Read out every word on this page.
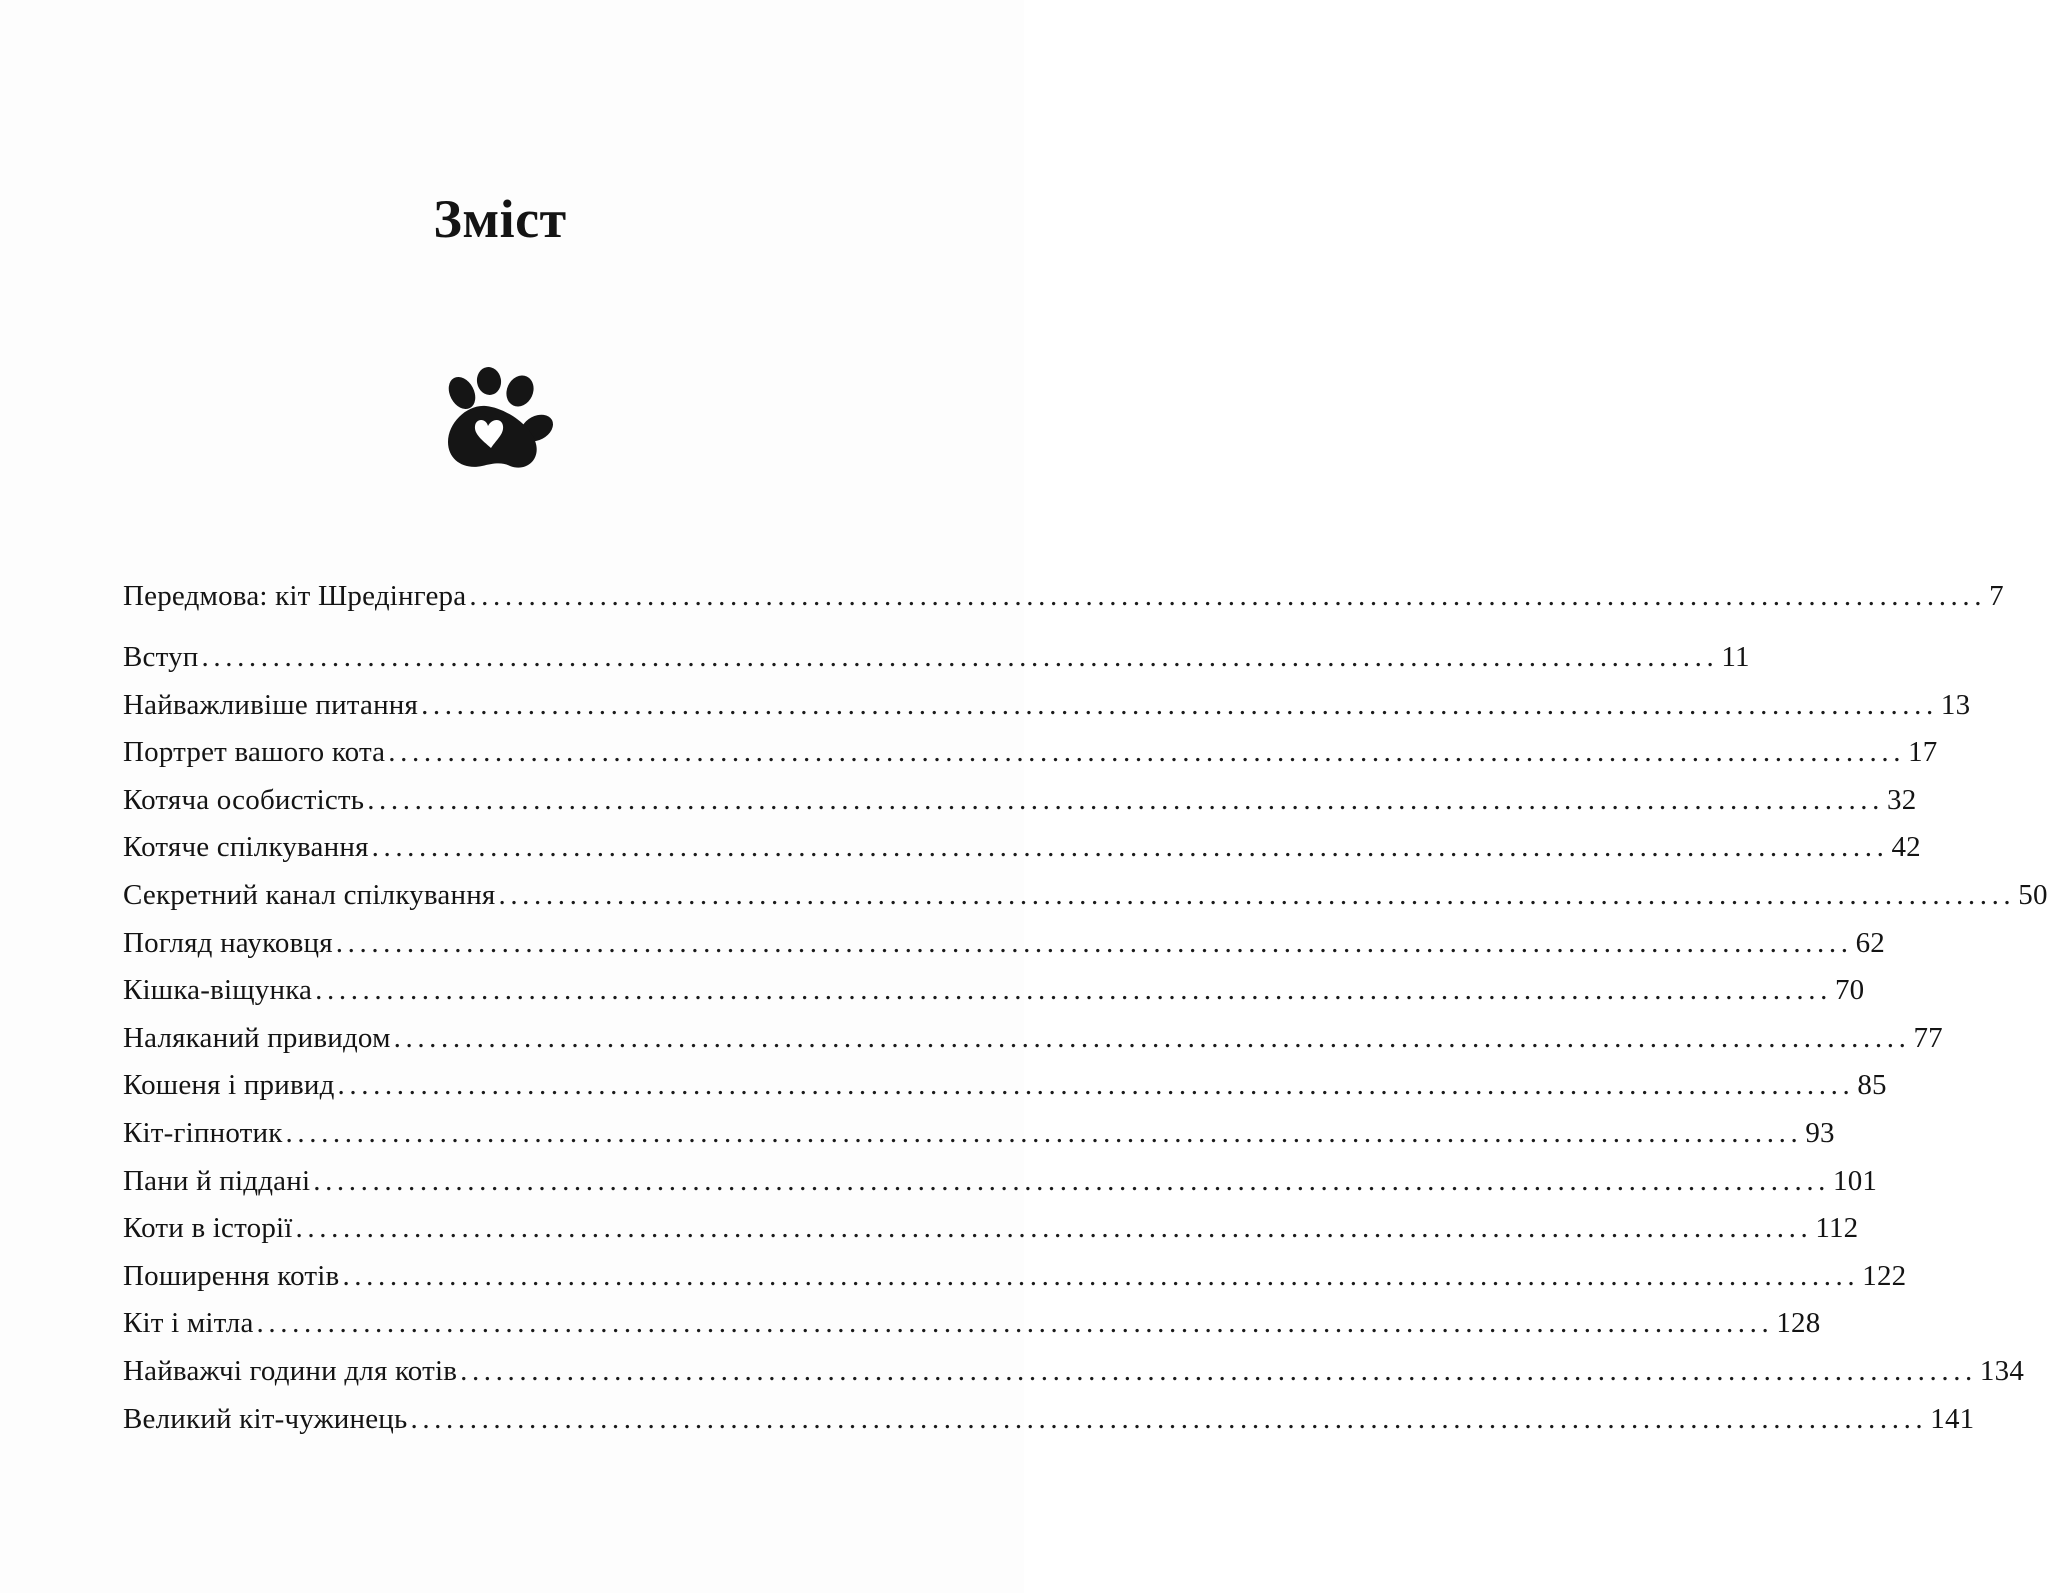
Зміст
Передмова: кіт Шредінгера ................................................................................................................................ 7
Вступ ................................................................................................................................ 11
Найважливіше питання ................................................................................................................................ 13
Портрет вашого кота ................................................................................................................................ 17
Котяча особистість ................................................................................................................................ 32
Котяче спілкування ................................................................................................................................ 42
Секретний канал спілкування ................................................................................................................................ 50
Погляд науковця ................................................................................................................................ 62
Кішка-віщунка ................................................................................................................................ 70
Наляканий привидом ................................................................................................................................ 77
Кошеня і привид ................................................................................................................................ 85
Кіт-гіпнотик ................................................................................................................................ 93
Пани й піддані ................................................................................................................................ 101
Коти в історії ................................................................................................................................ 112
Поширення котів ................................................................................................................................ 122
Кіт і мітла ................................................................................................................................ 128
Найважчі години для котів ................................................................................................................................ 134
Великий кіт-чужинець ................................................................................................................................ 141
